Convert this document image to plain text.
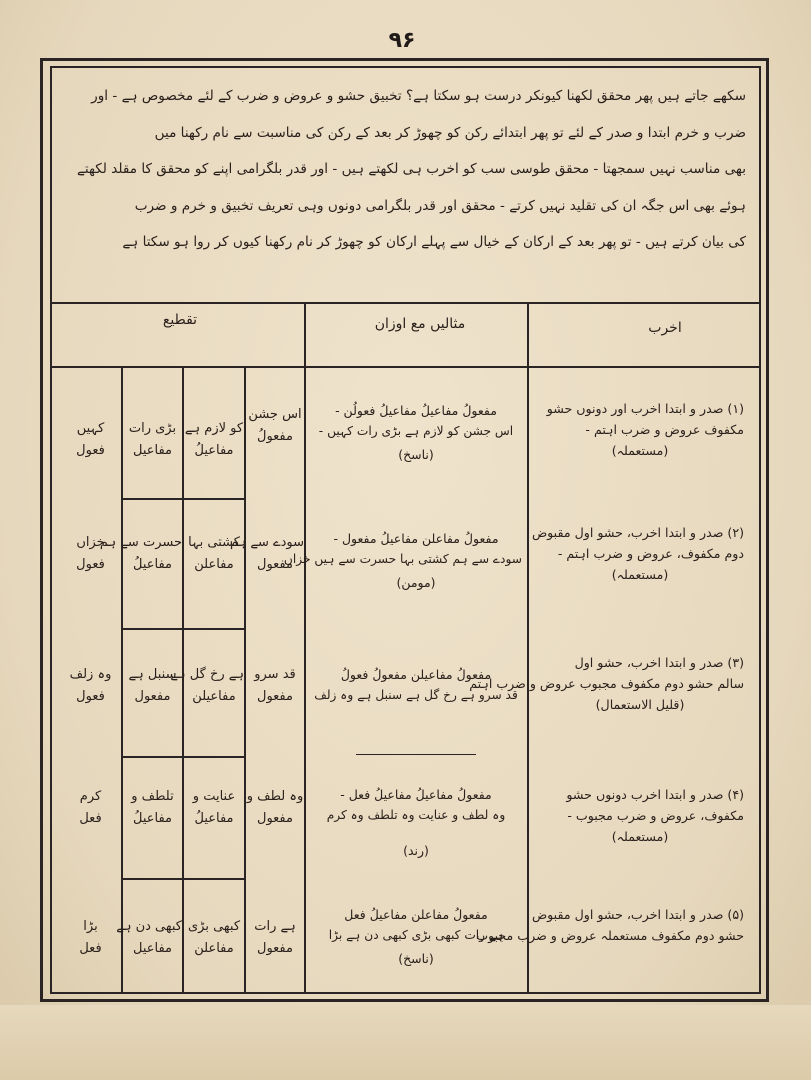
۹۶
سکھے جاتے ہیں پھر محقق لکھنا کیونکر درست ہو سکتا ہے؟ تخبیق حشو و عروض و ضرب کے لئے مخصوص ہے - اور
ضرب و خرم ابتدا و صدر کے لئے تو پھر ابتدائے رکن کو چھوڑ کر بعد کے رکن کی مناسبت سے نام رکھنا میں
بھی مناسب نہیں سمجھتا - محقق طوسی سب کو اخرب ہی لکھتے ہیں - اور قدر بلگرامی اپنے کو محقق کا مقلد لکھتے
ہوئے بھی اس جگہ ان کی تقلید نہیں کرتے - محقق اور قدر بلگرامی دونوں وہی تعریف تخبیق و خرم و ضرب
کی بیان کرتے ہیں - تو پھر بعد کے ارکان کے خیال سے پہلے ارکان کو چھوڑ کر نام رکھنا کیوں کر روا ہو سکتا ہے
اخرب
مثالیں مع اوزان
تقطیع
(۱) صدر و ابتدا اخرب اور دونوں حشو
مکفوف عروض و ضرب اہتم -
(مستعملہ)
مفعولُ مفاعیلُ مفاعیلُ فعولُن -
اس جشن کو لازم ہے بڑی رات کہیں -
(ناسخ)
اس جشن
مفعولُ
کو لازم ہے
مفاعیلُ
بڑی رات
مفاعیل
کہیں
فعول
(۲) صدر و ابتدا اخرب، حشو اول مقبوض
دوم مکفوف، عروض و ضرب اہتم -
(مستعملہ)
مفعولُ مفاعلن مفاعیلُ مفعول -
سودے سے ہم کشتی بہا حسرت سے ہیں خزاں
(مومن)
سودے سے ہم
مفعول
کشتی بہا
مفاعلن
حسرت سے ہم
مفاعیلُ
خزاں
فعول
(۳) صدر و ابتدا اخرب، حشو اول
سالم حشو دوم مکفوف مجبوب عروض و ضرب اہتم
(قلیل الاستعمال)
مفعولُ مفاعیلن مفعولُ فعولُ
قد سرو ہے رخ گل ہے سنبل ہے وہ زلف
قد سرو
مفعول
ہے رخ گل ہے
مفاعیلن
سنبل ہے
مفعول
وہ زلف
فعول
(۴) صدر و ابتدا اخرب دونوں حشو
مکفوف، عروض و ضرب مجبوب -
(مستعملہ)
مفعولُ مفاعیلُ مفاعیلُ فعل -
وہ لطف و عنایت وہ تلطف وہ کرم
(رند)
وہ لطف و
مفعول
عنایت و
مفاعیلُ
تلطف و
مفاعیلُ
کرم
فعل
(۵) صدر و ابتدا اخرب، حشو اول مقبوض
حشو دوم مکفوف مستعملہ عروض و ضرب مجبوب
مفعولُ مفاعلن مفاعیلُ فعل
ہے رات کبھی بڑی کبھی دن ہے بڑا
(ناسخ)
ہے رات
مفعول
کبھی بڑی
مفاعلن
کبھی دن ہے
مفاعیل
بڑا
فعل
